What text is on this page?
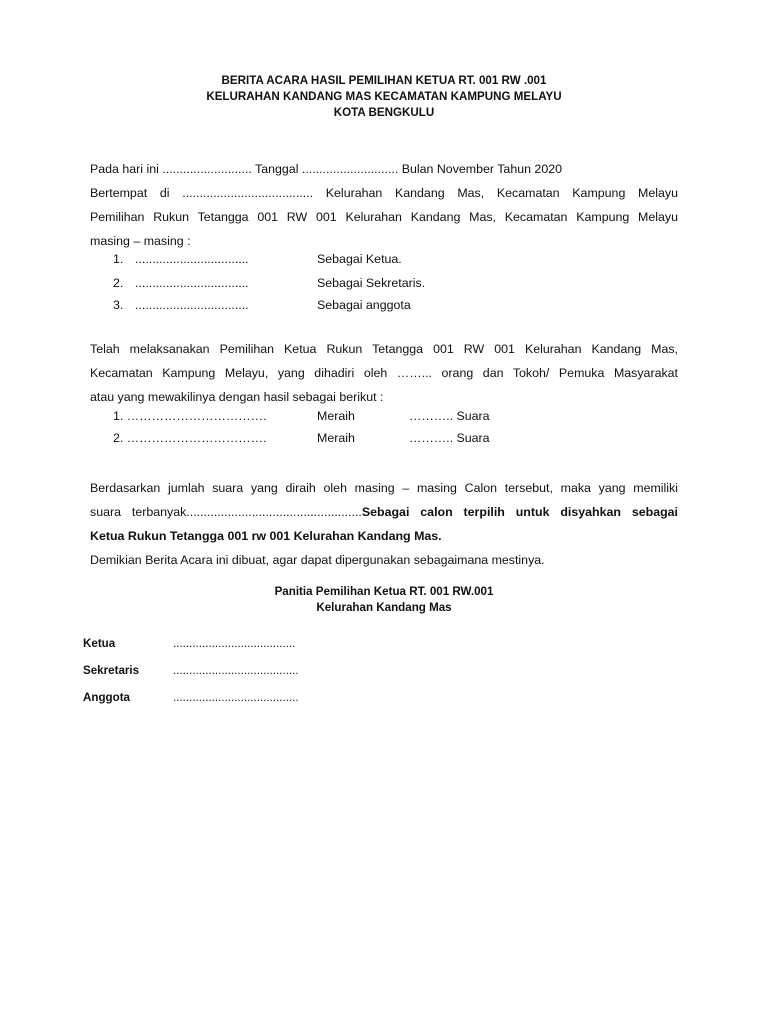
BERITA ACARA HASIL PEMILIHAN KETUA RT. 001 RW .001
KELURAHAN KANDANG MAS KECAMATAN KAMPUNG MELAYU
KOTA BENGKULU
Pada hari ini .......................... Tanggal ............................ Bulan November Tahun 2020
Bertempat di ...................................... Kelurahan Kandang Mas, Kecamatan Kampung Melayu
Pemilihan Rukun Tetangga 001 RW 001 Kelurahan Kandang Mas, Kecamatan Kampung Melayu
masing – masing :
1. .................................	Sebagai Ketua.
2. .................................	Sebagai Sekretaris.
3. .................................	Sebagai anggota
Telah melaksanakan Pemilihan Ketua Rukun Tetangga 001 RW 001 Kelurahan Kandang Mas,
Kecamatan Kampung Melayu, yang dihadiri oleh ……... orang dan Tokoh/ Pemuka Masyarakat
atau yang mewakilinya dengan hasil sebagai berikut :
1. …………………………….	Meraih	……….. Suara
2. …………………………….	Meraih	……….. Suara
Berdasarkan jumlah suara yang diraih oleh masing – masing Calon tersebut, maka yang memiliki
suara terbanyak...................................................Sebagai calon terpilih untuk disyahkan sebagai
Ketua Rukun Tetangga 001 rw 001 Kelurahan Kandang Mas.
Demikian Berita Acara ini dibuat, agar dapat dipergunakan sebagaimana mestinya.
Panitia Pemilihan Ketua RT. 001 RW.001
Kelurahan Kandang Mas
Ketua	......................................
Sekretaris	.......................................
Anggota	.......................................
